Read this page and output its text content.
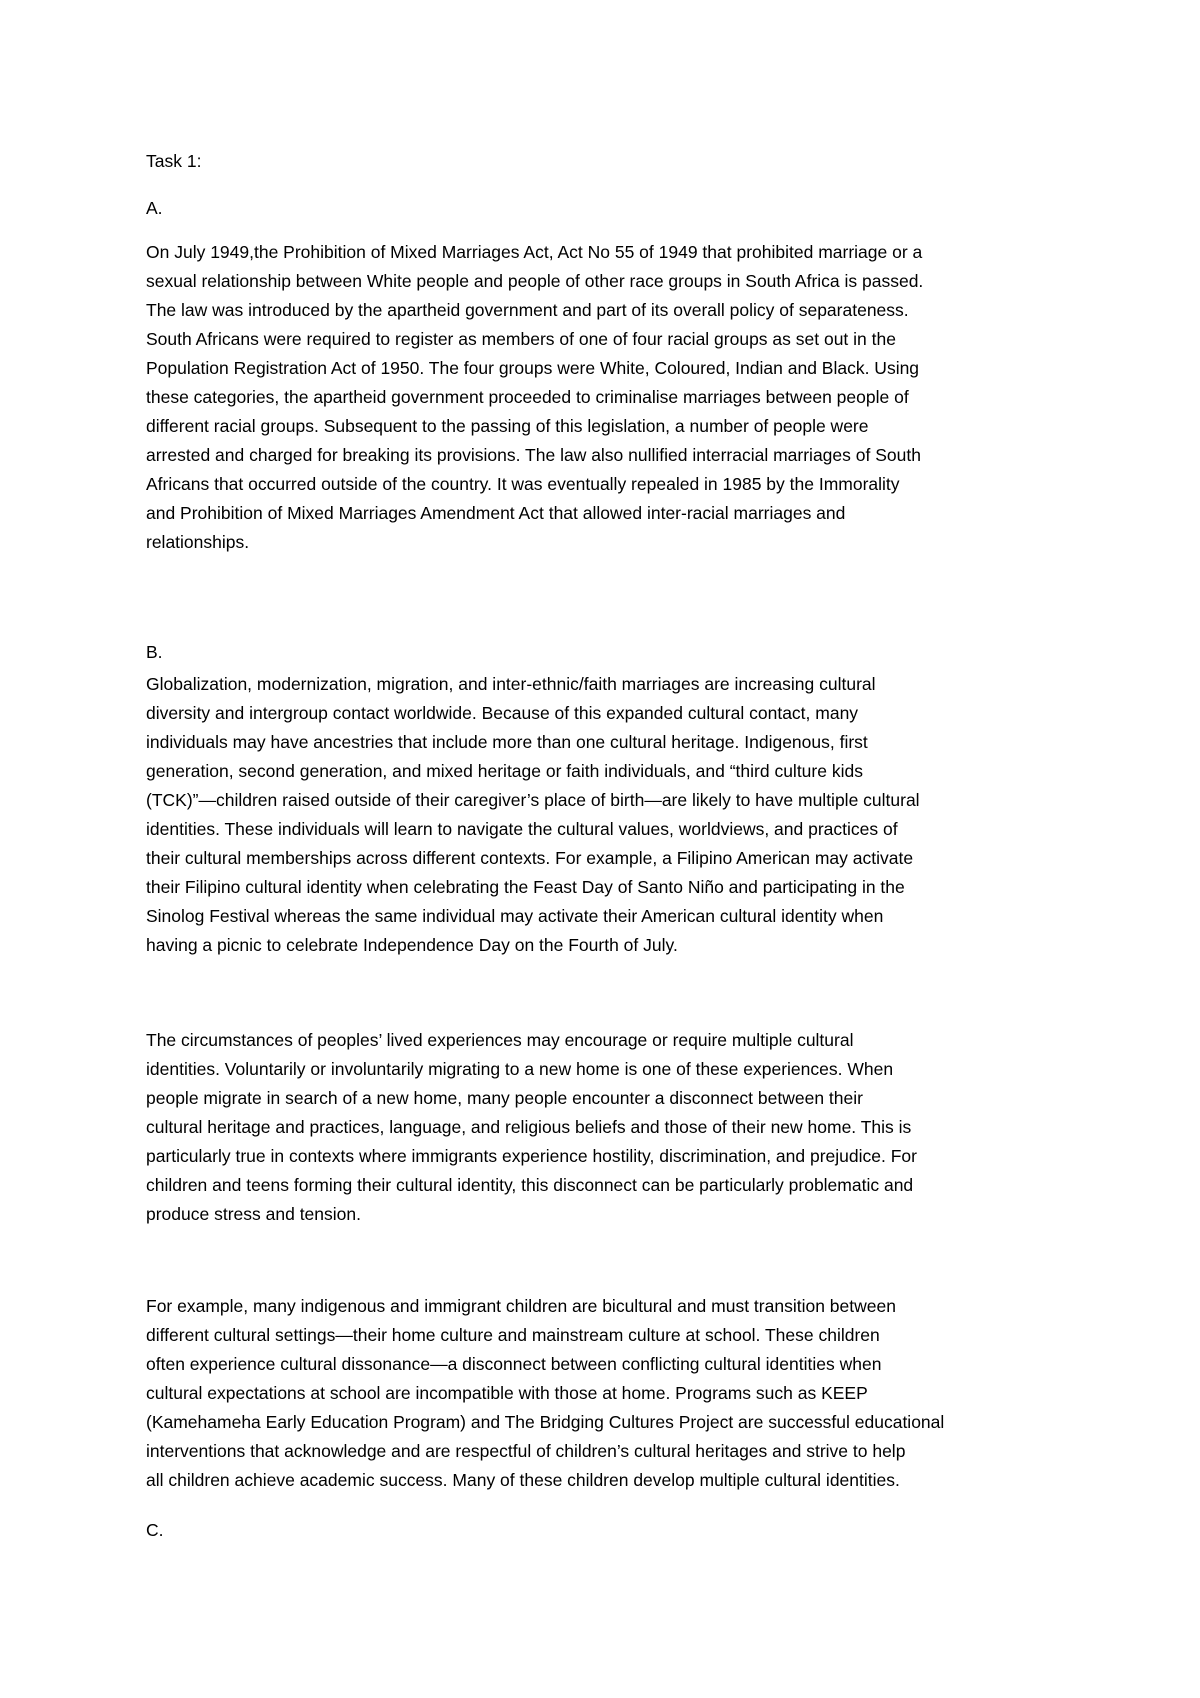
Task 1:
A.
On July 1949,the Prohibition of Mixed Marriages Act, Act No 55 of 1949 that prohibited marriage or a
sexual relationship between White people and people of other race groups in South Africa is passed.
The law was introduced by the apartheid government and part of its overall policy of separateness.
South Africans were required to register as members of one of four racial groups as set out in the
Population Registration Act of 1950. The four groups were White, Coloured, Indian and Black. Using
these categories, the apartheid government proceeded to criminalise marriages between people of
different racial groups. Subsequent to the passing of this legislation, a number of people were
arrested and charged for breaking its provisions. The law also nullified interracial marriages of South
Africans that occurred outside of the country. It was eventually repealed in 1985 by the Immorality
and Prohibition of Mixed Marriages Amendment Act that allowed inter-racial marriages and
relationships.
B.
Globalization, modernization, migration, and inter-ethnic/faith marriages are increasing cultural
diversity and intergroup contact worldwide. Because of this expanded cultural contact, many
individuals may have ancestries that include more than one cultural heritage. Indigenous, first
generation, second generation, and mixed heritage or faith individuals, and “third culture kids
(TCK)”—children raised outside of their caregiver’s place of birth—are likely to have multiple cultural
identities. These individuals will learn to navigate the cultural values, worldviews, and practices of
their cultural memberships across different contexts. For example, a Filipino American may activate
their Filipino cultural identity when celebrating the Feast Day of Santo Niño and participating in the
Sinolog Festival whereas the same individual may activate their American cultural identity when
having a picnic to celebrate Independence Day on the Fourth of July.
The circumstances of peoples’ lived experiences may encourage or require multiple cultural
identities. Voluntarily or involuntarily migrating to a new home is one of these experiences. When
people migrate in search of a new home, many people encounter a disconnect between their
cultural heritage and practices, language, and religious beliefs and those of their new home. This is
particularly true in contexts where immigrants experience hostility, discrimination, and prejudice. For
children and teens forming their cultural identity, this disconnect can be particularly problematic and
produce stress and tension.
For example, many indigenous and immigrant children are bicultural and must transition between
different cultural settings—their home culture and mainstream culture at school. These children
often experience cultural dissonance—a disconnect between conflicting cultural identities when
cultural expectations at school are incompatible with those at home. Programs such as KEEP
(Kamehameha Early Education Program) and The Bridging Cultures Project are successful educational
interventions that acknowledge and are respectful of children’s cultural heritages and strive to help
all children achieve academic success. Many of these children develop multiple cultural identities.
C.
